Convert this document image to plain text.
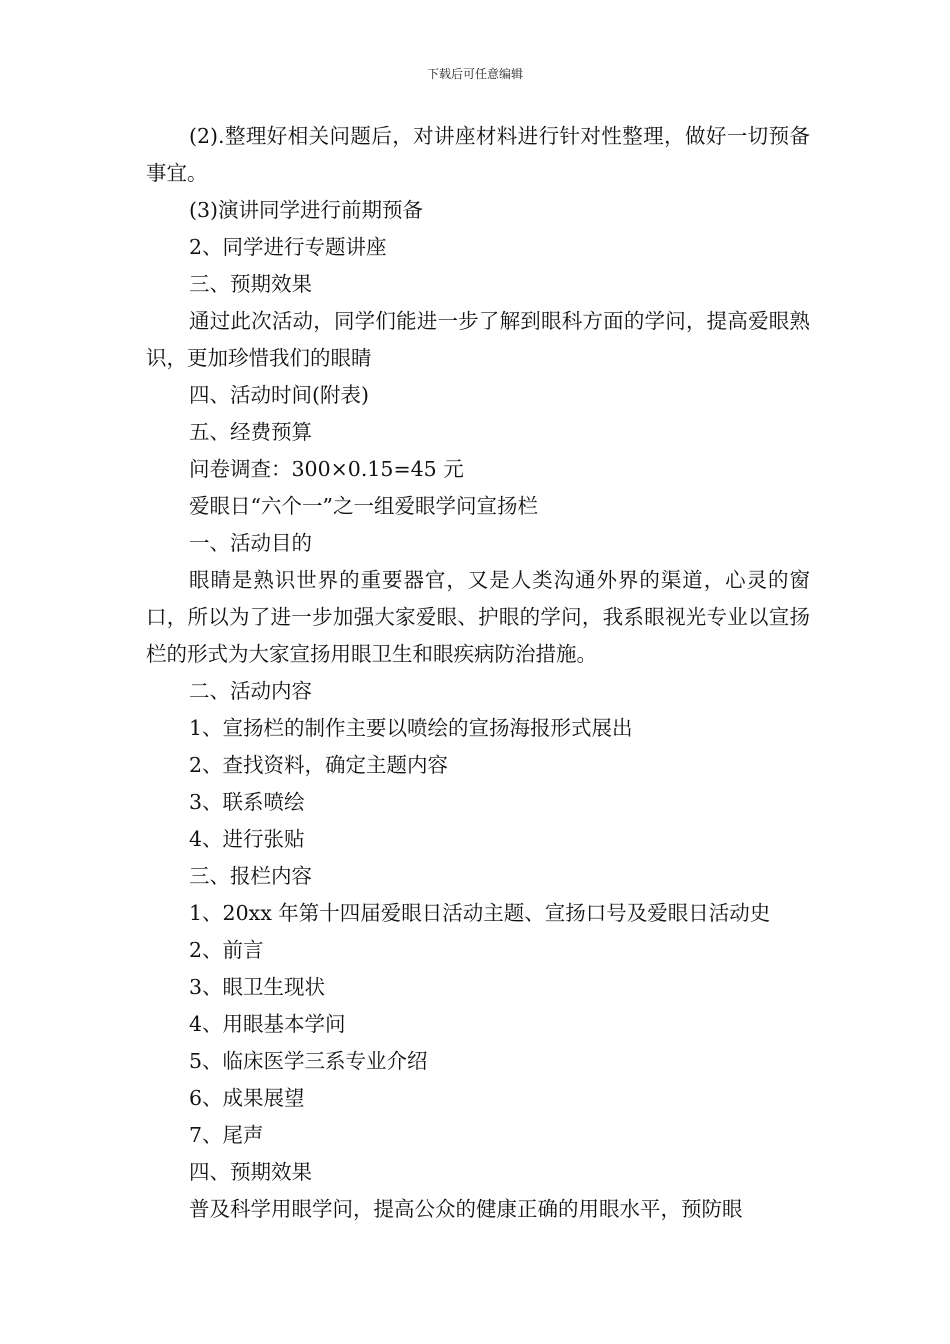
下载后可任意编辑

(2).整理好相关问题后，对讲座材料进行针对性整理，做好一切预备事宜。

(3)演讲同学进行前期预备

2、同学进行专题讲座

三、预期效果

通过此次活动，同学们能进一步了解到眼科方面的学问，提高爱眼熟识，更加珍惜我们的眼睛

四、活动时间(附表)

五、经费预算

问卷调查：300×0.15=45 元

爱眼日“六个一”之一组爱眼学问宣扬栏

一、活动目的

眼睛是熟识世界的重要器官，又是人类沟通外界的渠道，心灵的窗口，所以为了进一步加强大家爱眼、护眼的学问，我系眼视光专业以宣扬栏的形式为大家宣扬用眼卫生和眼疾病防治措施。

二、活动内容

1、宣扬栏的制作主要以喷绘的宣扬海报形式展出

2、查找资料，确定主题内容

3、联系喷绘

4、进行张贴

三、报栏内容

1、20xx 年第十四届爱眼日活动主题、宣扬口号及爱眼日活动史

2、前言

3、眼卫生现状

4、用眼基本学问

5、临床医学三系专业介绍

6、成果展望

7、尾声

四、预期效果

普及科学用眼学问，提高公众的健康正确的用眼水平，预防眼
